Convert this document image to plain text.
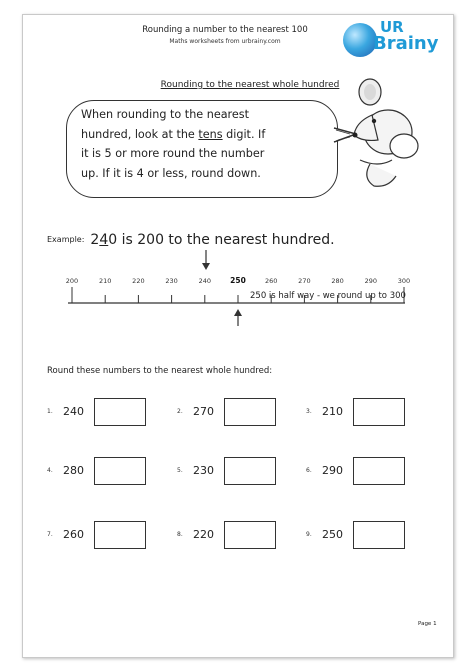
Rounding a number to the nearest 100
Maths worksheets from urbrainy.com
UR
Brainy
Rounding to the nearest whole hundred
When rounding to the nearest
hundred, look at the tens digit. If
it is 5 or more round the number
up. If it is 4 or less, round down.
Example: 240 is 200 to the nearest hundred.
200	210	220	230	240	250	260	270	280	290	300
250 is half way - we round up to 300
Round these numbers to the nearest whole hundred:
1. 240	2. 270	3. 210
4. 280	5. 230	6. 290
7. 260	8. 220	9. 250
Page 1
